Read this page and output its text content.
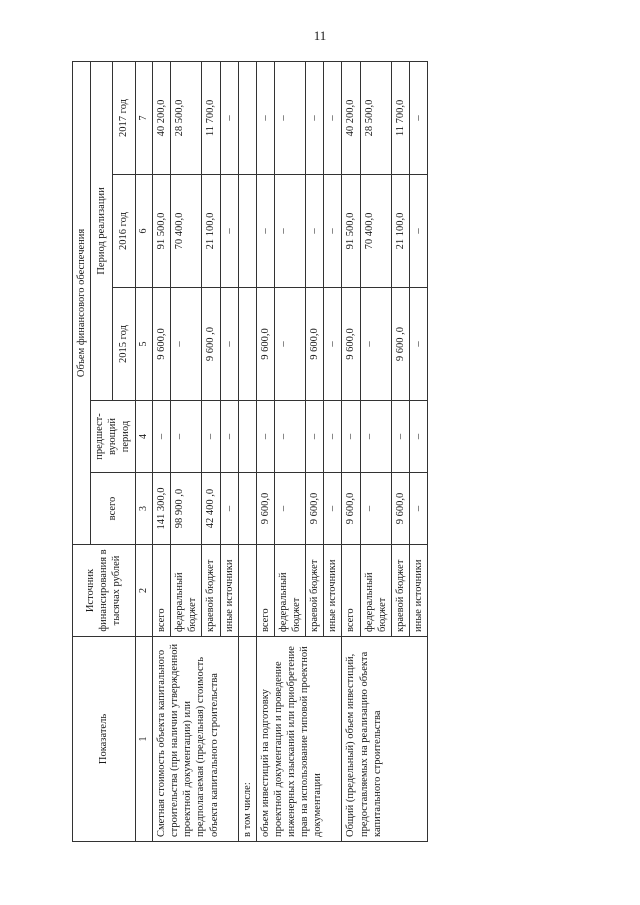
11
Показатель	Источник финансирования в тысячах рублей	Объем финансового обеспечения				
		всего	предшест-вующий период	Период реализации		
				2015 год	2016 год	2017 год
1	2	3	4	5	6	7
Сметная стоимость объекта капитального строительства (при наличии утвержденной проектной документации) или предполагаемая (предельная) стоимость объекта капитального строительства	всего	141 300,0	–	9 600,0	91 500,0	40 200,0
	федеральный бюджет	98 900 ,0	–	–	70 400,0	28 500,0
	краевой бюджет	42 400 ,0	–	9 600 ,0	21 100,0	11 700,0
	иные источники	–	–	–	–	–
в том числе:						
объем инвестиций на подготовку проектной документации и проведение инженерных изысканий или приобретение прав на использование типовой проектной документации	всего	9 600,0	–	9 600,0	–	–
	федеральный бюджет	–	–	–	–	–
	краевой бюджет	9 600,0	–	9 600,0	–	–
	иные источники	–	–	–	–	–
Общий (предельный) объем инвестиций, предоставляемых на реализацию объекта капитального строительства	всего	9 600,0	–	9 600,0	91 500,0	40 200,0
	федеральный бюджет	–	–	–	70 400,0	28 500,0
	краевой бюджет	9 600,0	–	9 600 ,0	21 100,0	11 700,0
	иные источники	–	–	–	–	–
